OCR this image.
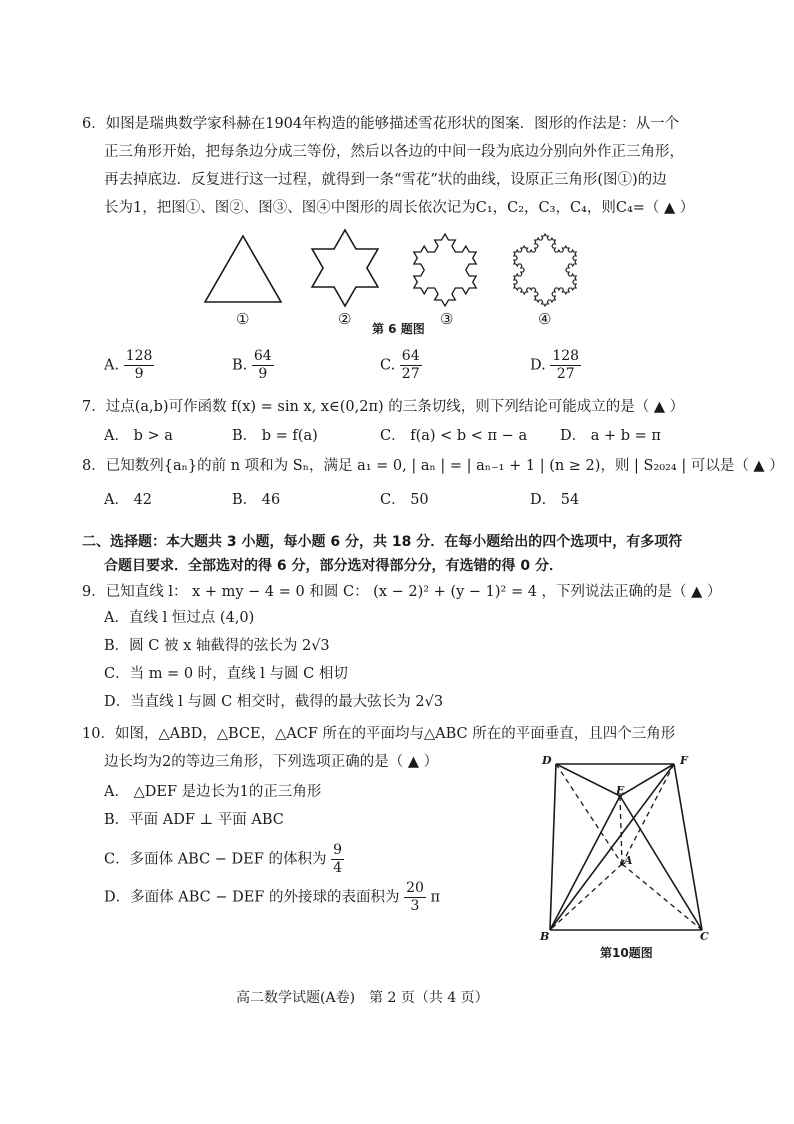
6．如图是瑞典数学家科赫在1904年构造的能够描述雪花形状的图案．图形的作法是：从一个
正三角形开始，把每条边分成三等份，然后以各边的中间一段为底边分别向外作正三角形，
再去掉底边．反复进行这一过程，就得到一条“雪花”状的曲线，设原正三角形(图①)的边
长为1，把图①、图②、图③、图④中图形的周长依次记为C₁，C₂，C₃，C₄，则C₄=（ ▲ ）
①	②
第 6 题图
③	④
A. $\frac{128}{9}$	B. $\frac{64}{9}$	C. $\frac{64}{27}$	D. $\frac{128}{27}$
7．过点(a,b)可作函数 f(x) = sin x, x∈(0,2π) 的三条切线，则下列结论可能成立的是（ ▲ ）
A． b > a	B． b = f(a)	C． f(a) < b < π − a D． a + b = π
8．已知数列{aₙ}的前 n 项和为 Sₙ，满足 a₁ = 0, | aₙ | = | aₙ₋₁ + 1 | (n ≥ 2)，则 | S₂₀₂₄ | 可以是（ ▲ ）
A． 42	B． 46	C． 50	D． 54
二、选择题：本大题共 3 小题，每小题 6 分，共 18 分．在每小题给出的四个选项中，有多项符
合题目要求．全部选对的得 6 分，部分选对得部分分，有选错的得 0 分．
9．已知直线 l： x + my − 4 = 0 和圆 C： (x − 2)² + (y − 1)² = 4 ，下列说法正确的是（ ▲ ）
A．直线 l 恒过点 (4,0)
B．圆 C 被 x 轴截得的弦长为 2√3
C．当 m = 0 时，直线 l 与圆 C 相切
D．当直线 l 与圆 C 相交时，截得的最大弦长为 2√3
10．如图，△ABD，△BCE，△ACF 所在的平面均与△ABC 所在的平面垂直，且四个三角形
边长均为2的等边三角形，下列选项正确的是（ ▲ ）
A． △DEF 是边长为1的正三角形
B．平面 ADF ⊥ 平面 ABC
C．多面体 ABC − DEF 的体积为 $\frac{9}{4}$
D．多面体 ABC − DEF 的外接球的表面积为 $\frac{20}{3}$ π
D	F
E
A
B	C
第10题图
高二数学试题(A卷)　第 2 页（共 4 页）
